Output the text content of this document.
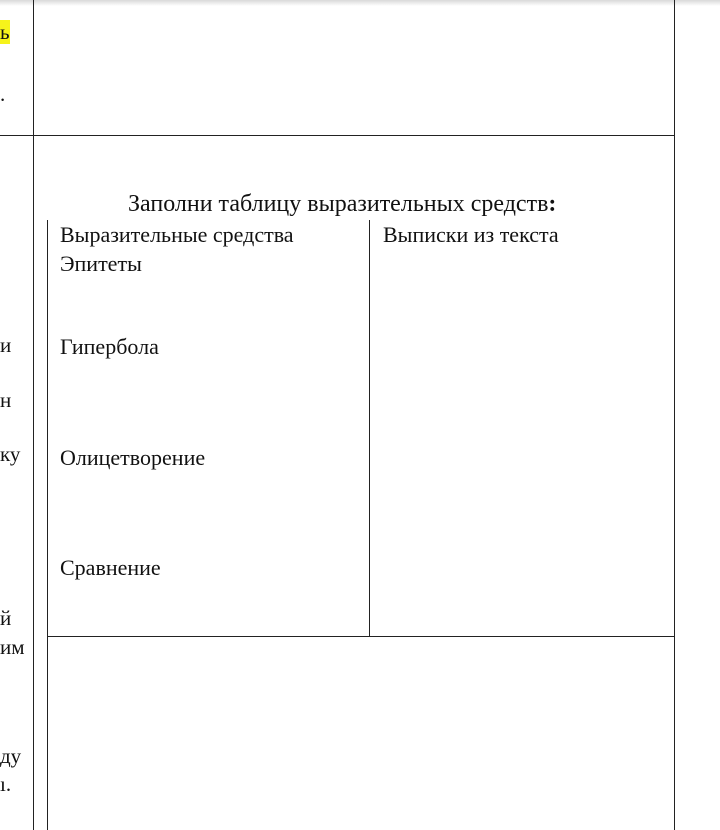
ь
.
и
н
ку
й
им
ду
ı.
Заполни таблицу выразительных средств:
Выразительные средства	Выписки из текста
Эпитеты
Гипербола
Олицетворение
Сравнение
